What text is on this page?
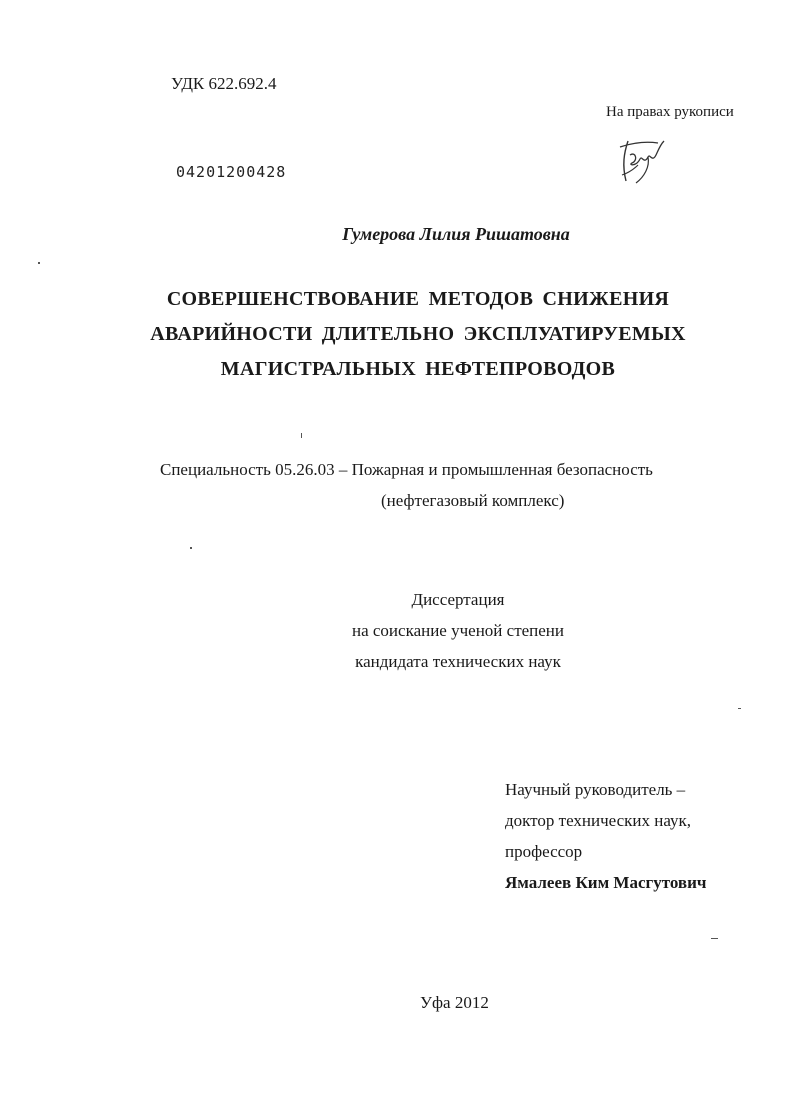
УДК 622.692.4
На правах рукописи
04201200428
Гумерова Лилия Ришатовна
СОВЕРШЕНСТВОВАНИЕ МЕТОДОВ СНИЖЕНИЯ
АВАРИЙНОСТИ ДЛИТЕЛЬНО ЭКСПЛУАТИРУЕМЫХ
МАГИСТРАЛЬНЫХ НЕФТЕПРОВОДОВ
Специальность 05.26.03 – Пожарная и промышленная безопасность
(нефтегазовый комплекс)
Диссертация
на соискание ученой степени
кандидата технических наук
Научный руководитель –
доктор технических наук,
профессор
Ямалеев Ким Масгутович
Уфа 2012
